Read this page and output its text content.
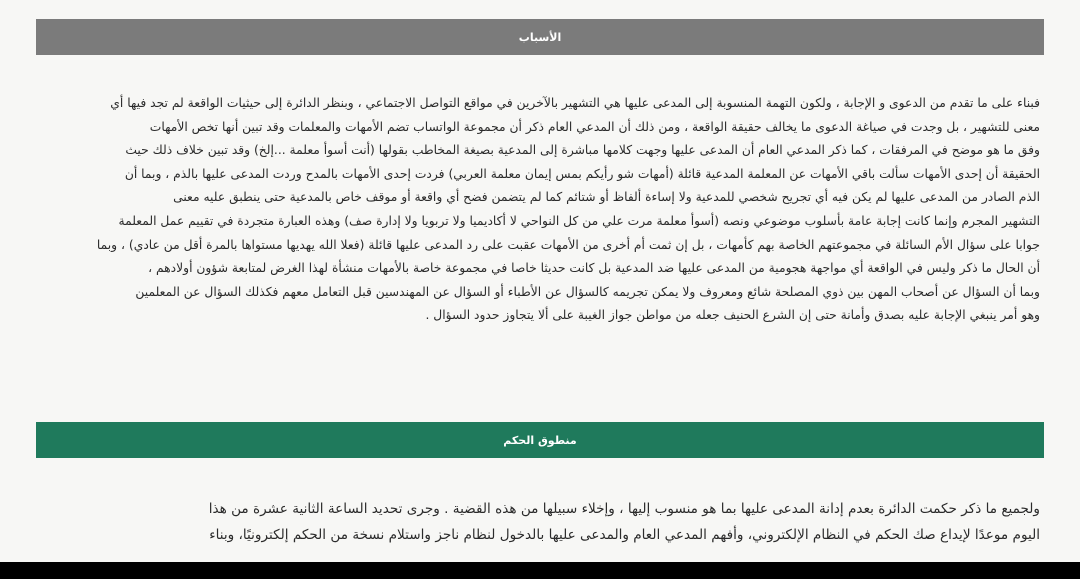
الأسباب
فبناء على ما تقدم من الدعوى و الإجابة ، ولكون التهمة المنسوبة إلى المدعى عليها هي التشهير بالآخرين في مواقع التواصل الاجتماعي ، وبنظر الدائرة إلى حيثيات الواقعة لم تجد فيها أي
معنى للتشهير ، بل وجدت في صياغة الدعوى ما يخالف حقيقة الواقعة ، ومن ذلك أن المدعي العام ذكر أن مجموعة الواتساب تضم الأمهات والمعلمات وقد تبين أنها تخص الأمهات
وفق ما هو موضح في المرفقات ، كما ذكر المدعي العام أن المدعى عليها وجهت كلامها مباشرة إلى المدعية بصيغة المخاطب بقولها (أنت أسوأ معلمة ...إلخ) وقد تبين خلاف ذلك حيث
الحقيقة أن إحدى الأمهات سألت باقي الأمهات عن المعلمة المدعية قائلة (أمهات شو رأيكم بمس إيمان معلمة العربي) فردت إحدى الأمهات بالمدح وردت المدعى عليها بالذم ، وبما أن
الذم الصادر من المدعى عليها لم يكن فيه أي تجريح شخصي للمدعية ولا إساءة ألفاظ أو شتائم كما لم يتضمن فضح أي واقعة أو موقف خاص بالمدعية حتى ينطبق عليه معنى
التشهير المجرم وإنما كانت إجابة عامة بأسلوب موضوعي ونصه (أسوأ معلمة مرت علي من كل النواحي لا أكاديميا ولا تربويا ولا إدارة صف) وهذه العبارة متجردة في تقييم عمل المعلمة
جوابا على سؤال الأم السائلة في مجموعتهم الخاصة بهم كأمهات ، بل إن ثمت أم أخرى من الأمهات عقبت على رد المدعى عليها قائلة (فعلا الله يهديها مستواها بالمرة أقل من عادي) ، وبما
أن الحال ما ذكر وليس في الواقعة أي مواجهة هجومية من المدعى عليها ضد المدعية بل كانت حديثا خاصا في مجموعة خاصة بالأمهات منشأة لهذا الغرض لمتابعة شؤون أولادهم ،
وبما أن السؤال عن أصحاب المهن بين ذوي المصلحة شائع ومعروف ولا يمكن تجريمه كالسؤال عن الأطباء أو السؤال عن المهندسين قبل التعامل معهم فكذلك السؤال عن المعلمين
وهو أمر ينبغي الإجابة عليه بصدق وأمانة حتى إن الشرع الحنيف جعله من مواطن جواز الغيبة على ألا يتجاوز حدود السؤال .
منطوق الحكم
ولجميع ما ذكر حكمت الدائرة بعدم إدانة المدعى عليها بما هو منسوب إليها ، وإخلاء سبيلها من هذه القضية . وجرى تحديد الساعة الثانية عشرة من هذا
اليوم موعدًا لإيداع صك الحكم في النظام الإلكتروني، وأفهم المدعي العام والمدعى عليها بالدخول لنظام ناجز واستلام نسخة من الحكم إلكترونيًا، وبناء
